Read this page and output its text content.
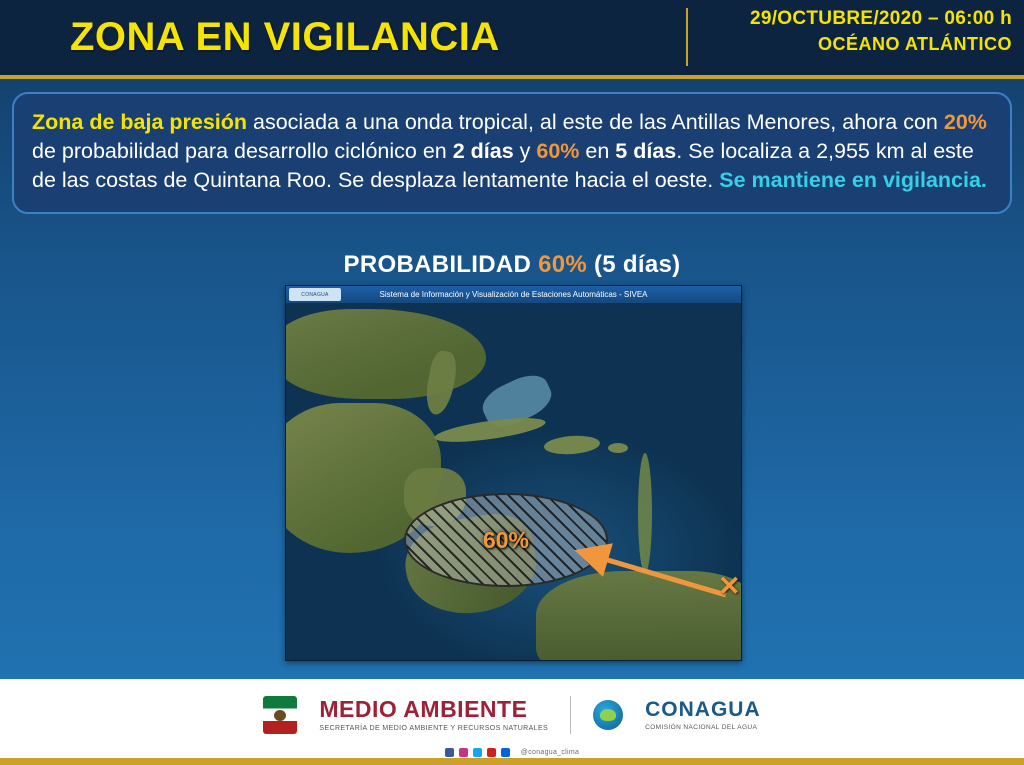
ZONA EN VIGILANCIA	29/OCTUBRE/2020 – 06:00 h
OCÉANO ATLÁNTICO
Zona de baja presión asociada a una onda tropical, al este de las Antillas Menores, ahora con 20% de probabilidad para desarrollo ciclónico en 2 días y 60% en 5 días. Se localiza a 2,955 km al este de las costas de Quintana Roo. Se desplaza lentamente hacia el oeste. Se mantiene en vigilancia.
PROBABILIDAD 60% (5 días)
Sistema de Información y Visualización de Estaciones Automáticas - SIVEA
CONAGUA
60%
✕
MEDIO AMBIENTE
SECRETARÍA DE MEDIO AMBIENTE Y RECURSOS NATURALES
CONAGUA
COMISIÓN NACIONAL DEL AGUA
@conagua_clima
